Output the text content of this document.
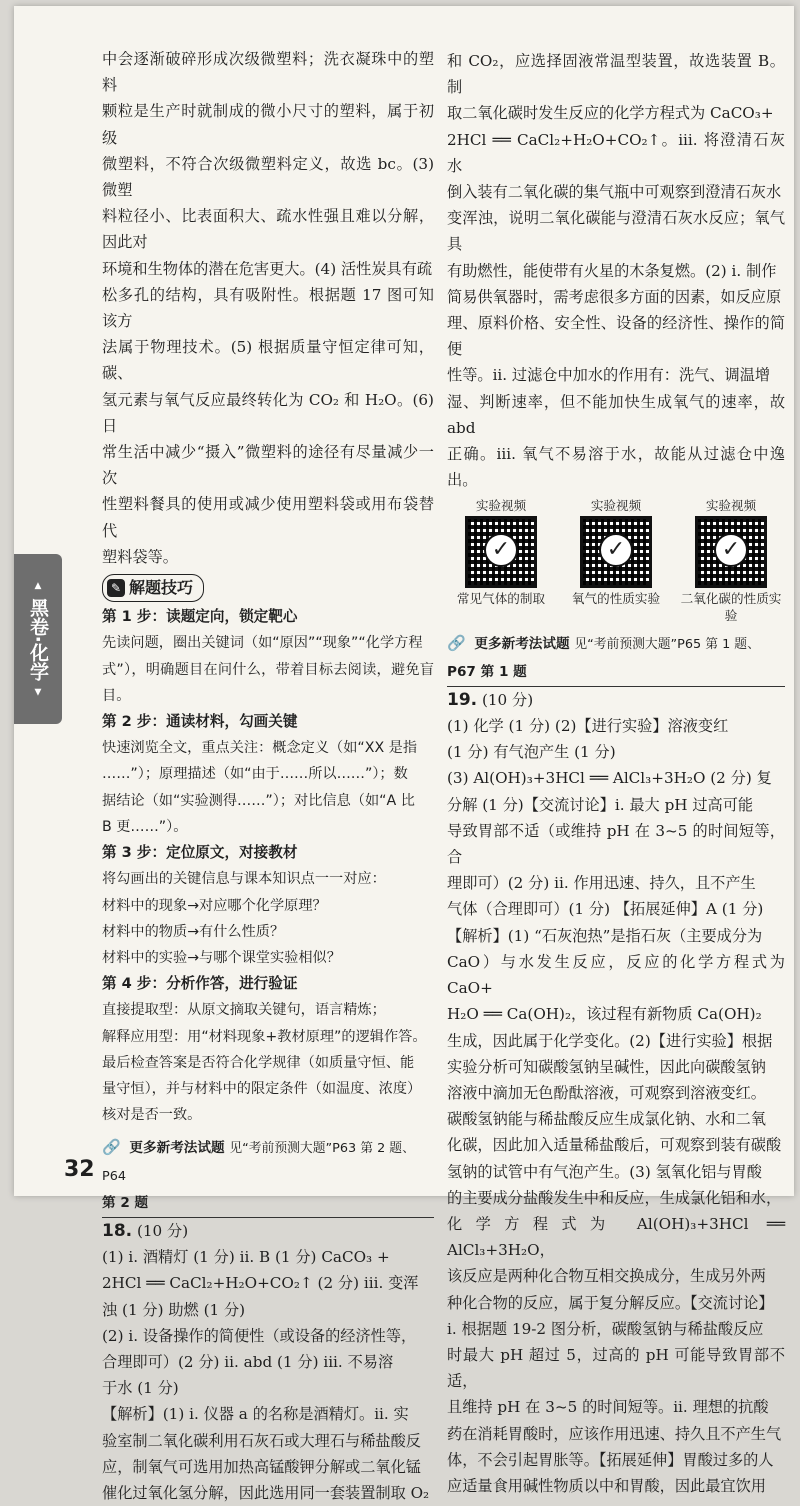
▲ 黑卷·化学 ▼

中会逐渐破碎形成次级微塑料；洗衣凝珠中的塑料

颗粒是生产时就制成的微小尺寸的塑料，属于初级

微塑料，不符合次级微塑料定义，故选 bc。(3) 微塑

料粒径小、比表面积大、疏水性强且难以分解，因此对

环境和生物体的潜在危害更大。(4) 活性炭具有疏

松多孔的结构，具有吸附性。根据题 17 图可知该方

法属于物理技术。(5) 根据质量守恒定律可知，碳、

氢元素与氧气反应最终转化为 CO₂ 和 H₂O。(6) 日

常生活中减少“摄入”微塑料的途径有尽量减少一次

性塑料餐具的使用或减少使用塑料袋或用布袋替代

塑料袋等。

✎ 解题技巧

第 1 步：读题定向，锁定靶心

先读问题，圈出关键词（如“原因”“现象”“化学方程

式”），明确题目在问什么，带着目标去阅读，避免盲目。

第 2 步：通读材料，勾画关键

快速浏览全文，重点关注：概念定义（如“XX 是指

……”）；原理描述（如“由于……所以……”）；数

据结论（如“实验测得……”）；对比信息（如“A 比

B 更……”）。

第 3 步：定位原文，对接教材

将勾画出的关键信息与课本知识点一一对应：

材料中的现象→对应哪个化学原理？

材料中的物质→有什么性质？

材料中的实验→与哪个课堂实验相似？

第 4 步：分析作答，进行验证

直接提取型：从原文摘取关键句，语言精炼；

解释应用型：用“材料现象+教材原理”的逻辑作答。

最后检查答案是否符合化学规律（如质量守恒、能

量守恒），并与材料中的限定条件（如温度、浓度）

核对是否一致。

🔗 更多新考法试题 见“考前预测大题”P63 第 2 题、P64
第 2 题

18. (10 分)

(1) i. 酒精灯 (1 分) ii. B (1 分) CaCO₃ +

2HCl ══ CaCl₂+H₂O+CO₂↑ (2 分) iii. 变浑

浊 (1 分) 助燃 (1 分)

(2) i. 设备操作的简便性（或设备的经济性等，

合理即可）(2 分) ii. abd (1 分) iii. 不易溶

于水 (1 分)

【解析】(1) i. 仪器 a 的名称是酒精灯。ii. 实

验室制二氧化碳利用石灰石或大理石与稀盐酸反

应，制氧气可选用加热高锰酸钾分解或二氧化锰

催化过氧化氢分解，因此选用同一套装置制取 O₂

和 CO₂，应选择固液常温型装置，故选装置 B。制

取二氧化碳时发生反应的化学方程式为 CaCO₃+

2HCl ══ CaCl₂+H₂O+CO₂↑。iii. 将澄清石灰水

倒入装有二氧化碳的集气瓶中可观察到澄清石灰水

变浑浊，说明二氧化碳能与澄清石灰水反应；氧气具

有助燃性，能使带有火星的木条复燃。(2) i. 制作

简易供氧器时，需考虑很多方面的因素，如反应原

理、原料价格、安全性、设备的经济性、操作的简便

性等。ii. 过滤仓中加水的作用有：洗气、调温增

湿、判断速率，但不能加快生成氧气的速率，故 abd

正确。iii. 氧气不易溶于水，故能从过滤仓中逸出。

实验视频
✓
常见气体的制取
实验视频
✓
氧气的性质实验
实验视频
✓
二氧化碳的性质实验
🔗 更多新考法试题 见“考前预测大题”P65 第 1 题、
P67 第 1 题

19. (10 分)

(1) 化学 (1 分) (2)【进行实验】溶液变红

(1 分) 有气泡产生 (1 分)

(3) Al(OH)₃+3HCl ══ AlCl₃+3H₂O (2 分) 复

分解 (1 分)【交流讨论】i. 最大 pH 过高可能

导致胃部不适（或维持 pH 在 3~5 的时间短等，合

理即可）(2 分) ii. 作用迅速、持久，且不产生

气体（合理即可）(1 分) 【拓展延伸】A (1 分)

【解析】(1) “石灰泡热”是指石灰（主要成分为

CaO）与水发生反应，反应的化学方程式为 CaO+

H₂O ══ Ca(OH)₂，该过程有新物质 Ca(OH)₂

生成，因此属于化学变化。(2)【进行实验】根据

实验分析可知碳酸氢钠呈碱性，因此向碳酸氢钠

溶液中滴加无色酚酞溶液，可观察到溶液变红。

碳酸氢钠能与稀盐酸反应生成氯化钠、水和二氧

化碳，因此加入适量稀盐酸后，可观察到装有碳酸

氢钠的试管中有气泡产生。(3) 氢氧化铝与胃酸

的主要成分盐酸发生中和反应，生成氯化铝和水，

化学方程式为 Al(OH)₃+3HCl ══ AlCl₃+3H₂O，

该反应是两种化合物互相交换成分，生成另外两

种化合物的反应，属于复分解反应。【交流讨论】

i. 根据题 19-2 图分析，碳酸氢钠与稀盐酸反应

时最大 pH 超过 5，过高的 pH 可能导致胃部不适，

且维持 pH 在 3~5 的时间短等。ii. 理想的抗酸

药在消耗胃酸时，应该作用迅速、持久且不产生气

体，不会引起胃胀等。【拓展延伸】胃酸过多的人

应适量食用碱性物质以中和胃酸，因此最宜饮用

32
